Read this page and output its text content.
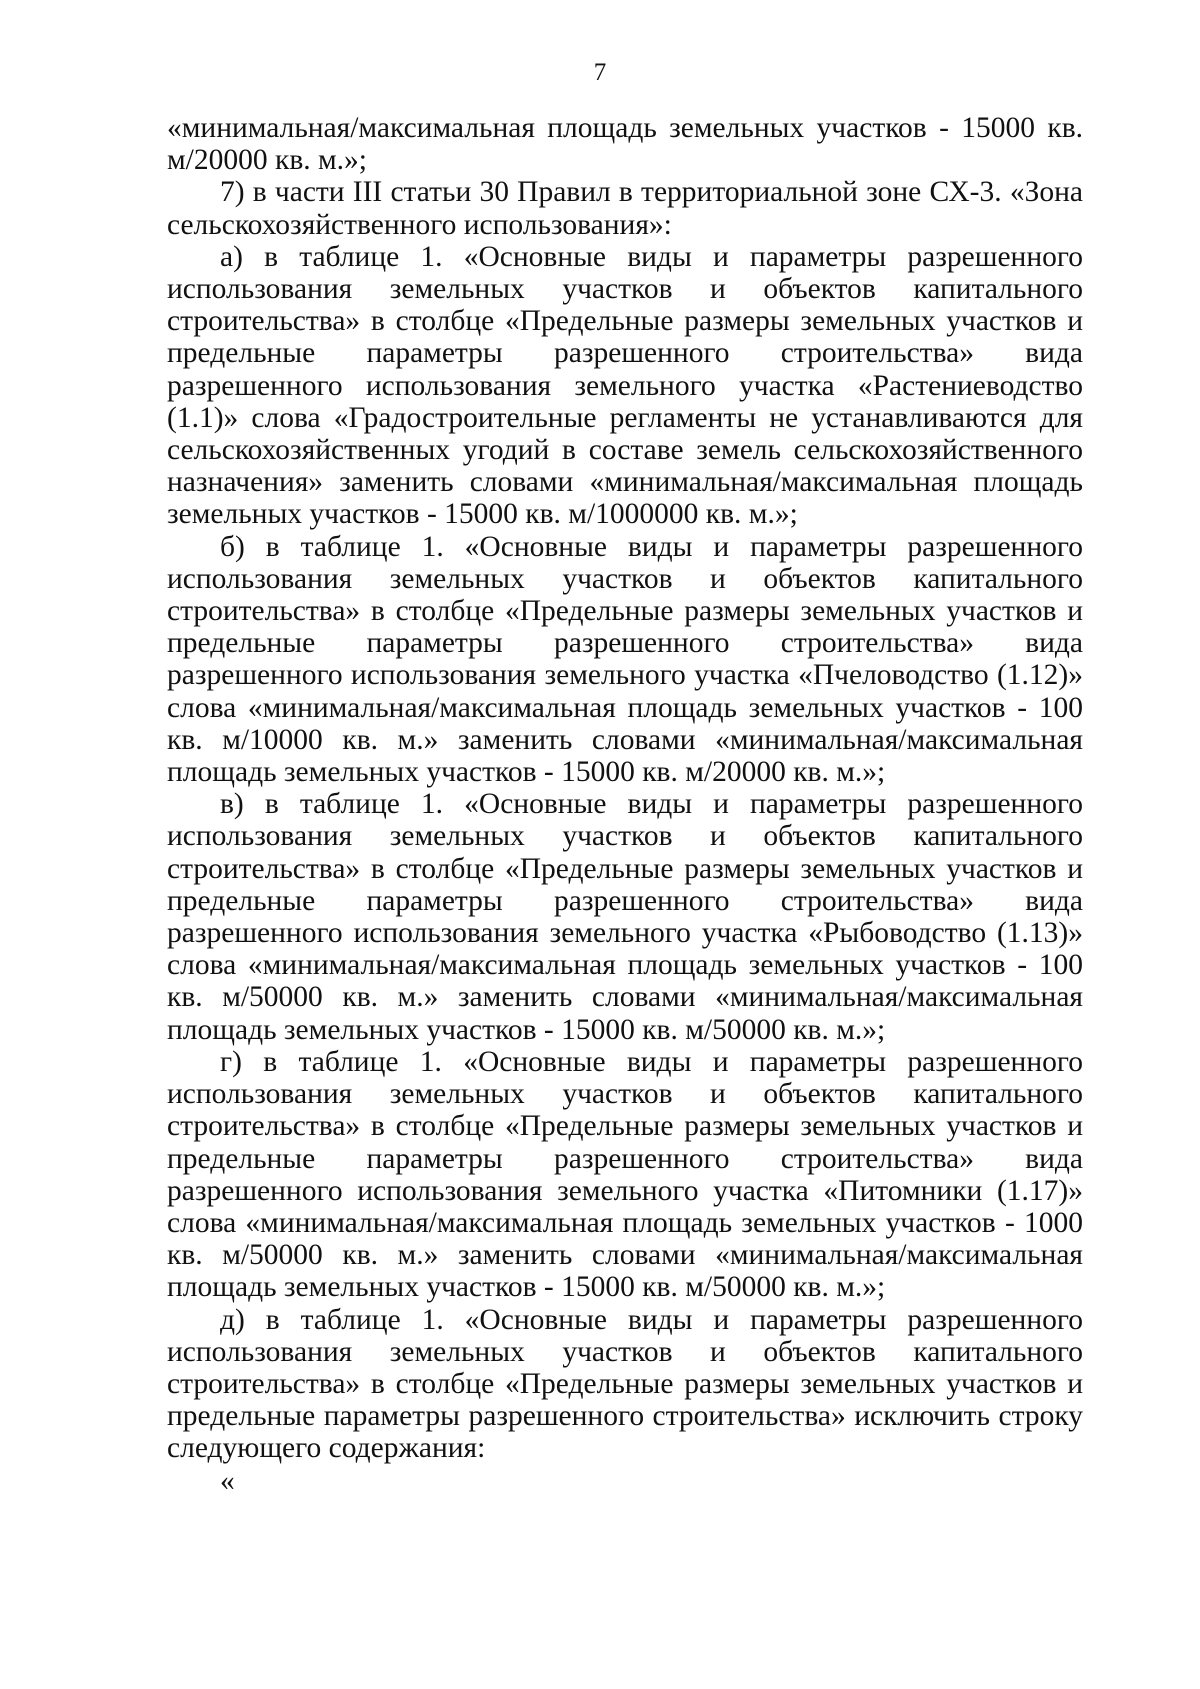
7

«минимальная/максимальная площадь земельных участков - 15000 кв. м/20000 кв. м.»;

7) в части III статьи 30 Правил в территориальной зоне СХ-3. «Зона сельскохозяйственного использования»:

а) в таблице 1. «Основные виды и параметры разрешенного использования земельных участков и объектов капитального строительства» в столбце «Предельные размеры земельных участков и предельные параметры разрешенного строительства» вида разрешенного использования земельного участка «Растениеводство (1.1)» слова «Градостроительные регламенты не устанавливаются для сельскохозяйственных угодий в составе земель сельскохозяйственного назначения» заменить словами «минимальная/максимальная площадь земельных участков - 15000 кв. м/1000000 кв. м.»;

б) в таблице 1. «Основные виды и параметры разрешенного использования земельных участков и объектов капитального строительства» в столбце «Предельные размеры земельных участков и предельные параметры разрешенного строительства» вида разрешенного использования земельного участка «Пчеловодство (1.12)» слова «минимальная/максимальная площадь земельных участков - 100 кв. м/10000 кв. м.» заменить словами «минимальная/максимальная площадь земельных участков - 15000 кв. м/20000 кв. м.»;

в) в таблице 1. «Основные виды и параметры разрешенного использования земельных участков и объектов капитального строительства» в столбце «Предельные размеры земельных участков и предельные параметры разрешенного строительства» вида разрешенного использования земельного участка «Рыбоводство (1.13)» слова «минимальная/максимальная площадь земельных участков - 100 кв. м/50000 кв. м.» заменить словами «минимальная/максимальная площадь земельных участков - 15000 кв. м/50000 кв. м.»;

г) в таблице 1. «Основные виды и параметры разрешенного использования земельных участков и объектов капитального строительства» в столбце «Предельные размеры земельных участков и предельные параметры разрешенного строительства» вида разрешенного использования земельного участка «Питомники (1.17)» слова «минимальная/максимальная площадь земельных участков - 1000 кв. м/50000 кв. м.» заменить словами «минимальная/максимальная площадь земельных участков - 15000 кв. м/50000 кв. м.»;

д) в таблице 1. «Основные виды и параметры разрешенного использования земельных участков и объектов капитального строительства» в столбце «Предельные размеры земельных участков и предельные параметры разрешенного строительства» исключить строку следующего содержания:

«
